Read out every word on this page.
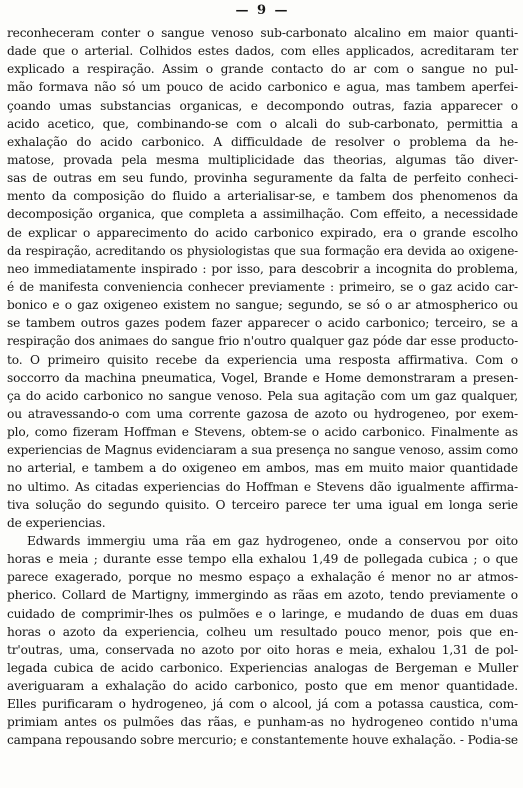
— 9 —
reconheceram conter o sangue venoso sub-carbonato alcalino em maior quanti-
dade que o arterial. Colhidos estes dados, com elles applicados, acreditaram ter
explicado a respiração. Assim o grande contacto do ar com o sangue no pul-
mão formava não só um pouco de acido carbonico e agua, mas tambem aperfei-
çoando umas substancias organicas, e decompondo outras, fazia apparecer o
acido acetico, que, combinando-se com o alcali do sub-carbonato, permittia a
exhalação do acido carbonico. A difficuldade de resolver o problema da he-
matose, provada pela mesma multiplicidade das theorias, algumas tão diver-
sas de outras em seu fundo, provinha seguramente da falta de perfeito conheci-
mento da composição do fluido a arterialisar-se, e tambem dos phenomenos da
decomposição organica, que completa a assimilhação. Com effeito, a necessidade
de explicar o apparecimento do acido carbonico expirado, era o grande escolho
da respiração, acreditando os physiologistas que sua formação era devida ao oxigene-
neo immediatamente inspirado : por isso, para descobrir a incognita do problema,
é de manifesta conveniencia conhecer previamente : primeiro, se o gaz acido car-
bonico e o gaz oxigeneo existem no sangue; segundo, se só o ar atmospherico ou
se tambem outros gazes podem fazer apparecer o acido carbonico; terceiro, se a
respiração dos animaes do sangue frio n'outro qualquer gaz póde dar esse producto-
to. O primeiro quisito recebe da experiencia uma resposta affirmativa. Com o
soccorro da machina pneumatica, Vogel, Brande e Home demonstraram a presen-
ça do acido carbonico no sangue venoso. Pela sua agitação com um gaz qualquer,
ou atravessando-o com uma corrente gazosa de azoto ou hydrogeneo, por exem-
plo, como fizeram Hoffman e Stevens, obtem-se o acido carbonico. Finalmente as
experiencias de Magnus evidenciaram a sua presença no sangue venoso, assim como
no arterial, e tambem a do oxigeneo em ambos, mas em muito maior quantidade
no ultimo. As citadas experiencias do Hoffman e Stevens dão igualmente affirma-
tiva solução do segundo quisito. O terceiro parece ter uma igual em longa serie
de experiencias.
Edwards immergiu uma rãa em gaz hydrogeneo, onde a conservou por oito
horas e meia ; durante esse tempo ella exhalou 1,49 de pollegada cubica ; o que
parece exagerado, porque no mesmo espaço a exhalação é menor no ar atmos-
pherico. Collard de Martigny, immergindo as rãas em azoto, tendo previamente o
cuidado de comprimir-lhes os pulmões e o laringe, e mudando de duas em duas
horas o azoto da experiencia, colheu um resultado pouco menor, pois que en-
tr'outras, uma, conservada no azoto por oito horas e meia, exhalou 1,31 de pol-
legada cubica de acido carbonico. Experiencias analogas de Bergeman e Muller
averiguaram a exhalação do acido carbonico, posto que em menor quantidade.
Elles purificaram o hydrogeneo, já com o alcool, já com a potassa caustica, com-
primiam antes os pulmões das rãas, e punham-as no hydrogeneo contido n'uma
campana repousando sobre mercurio; e constantemente houve exhalação. - Podia-se
